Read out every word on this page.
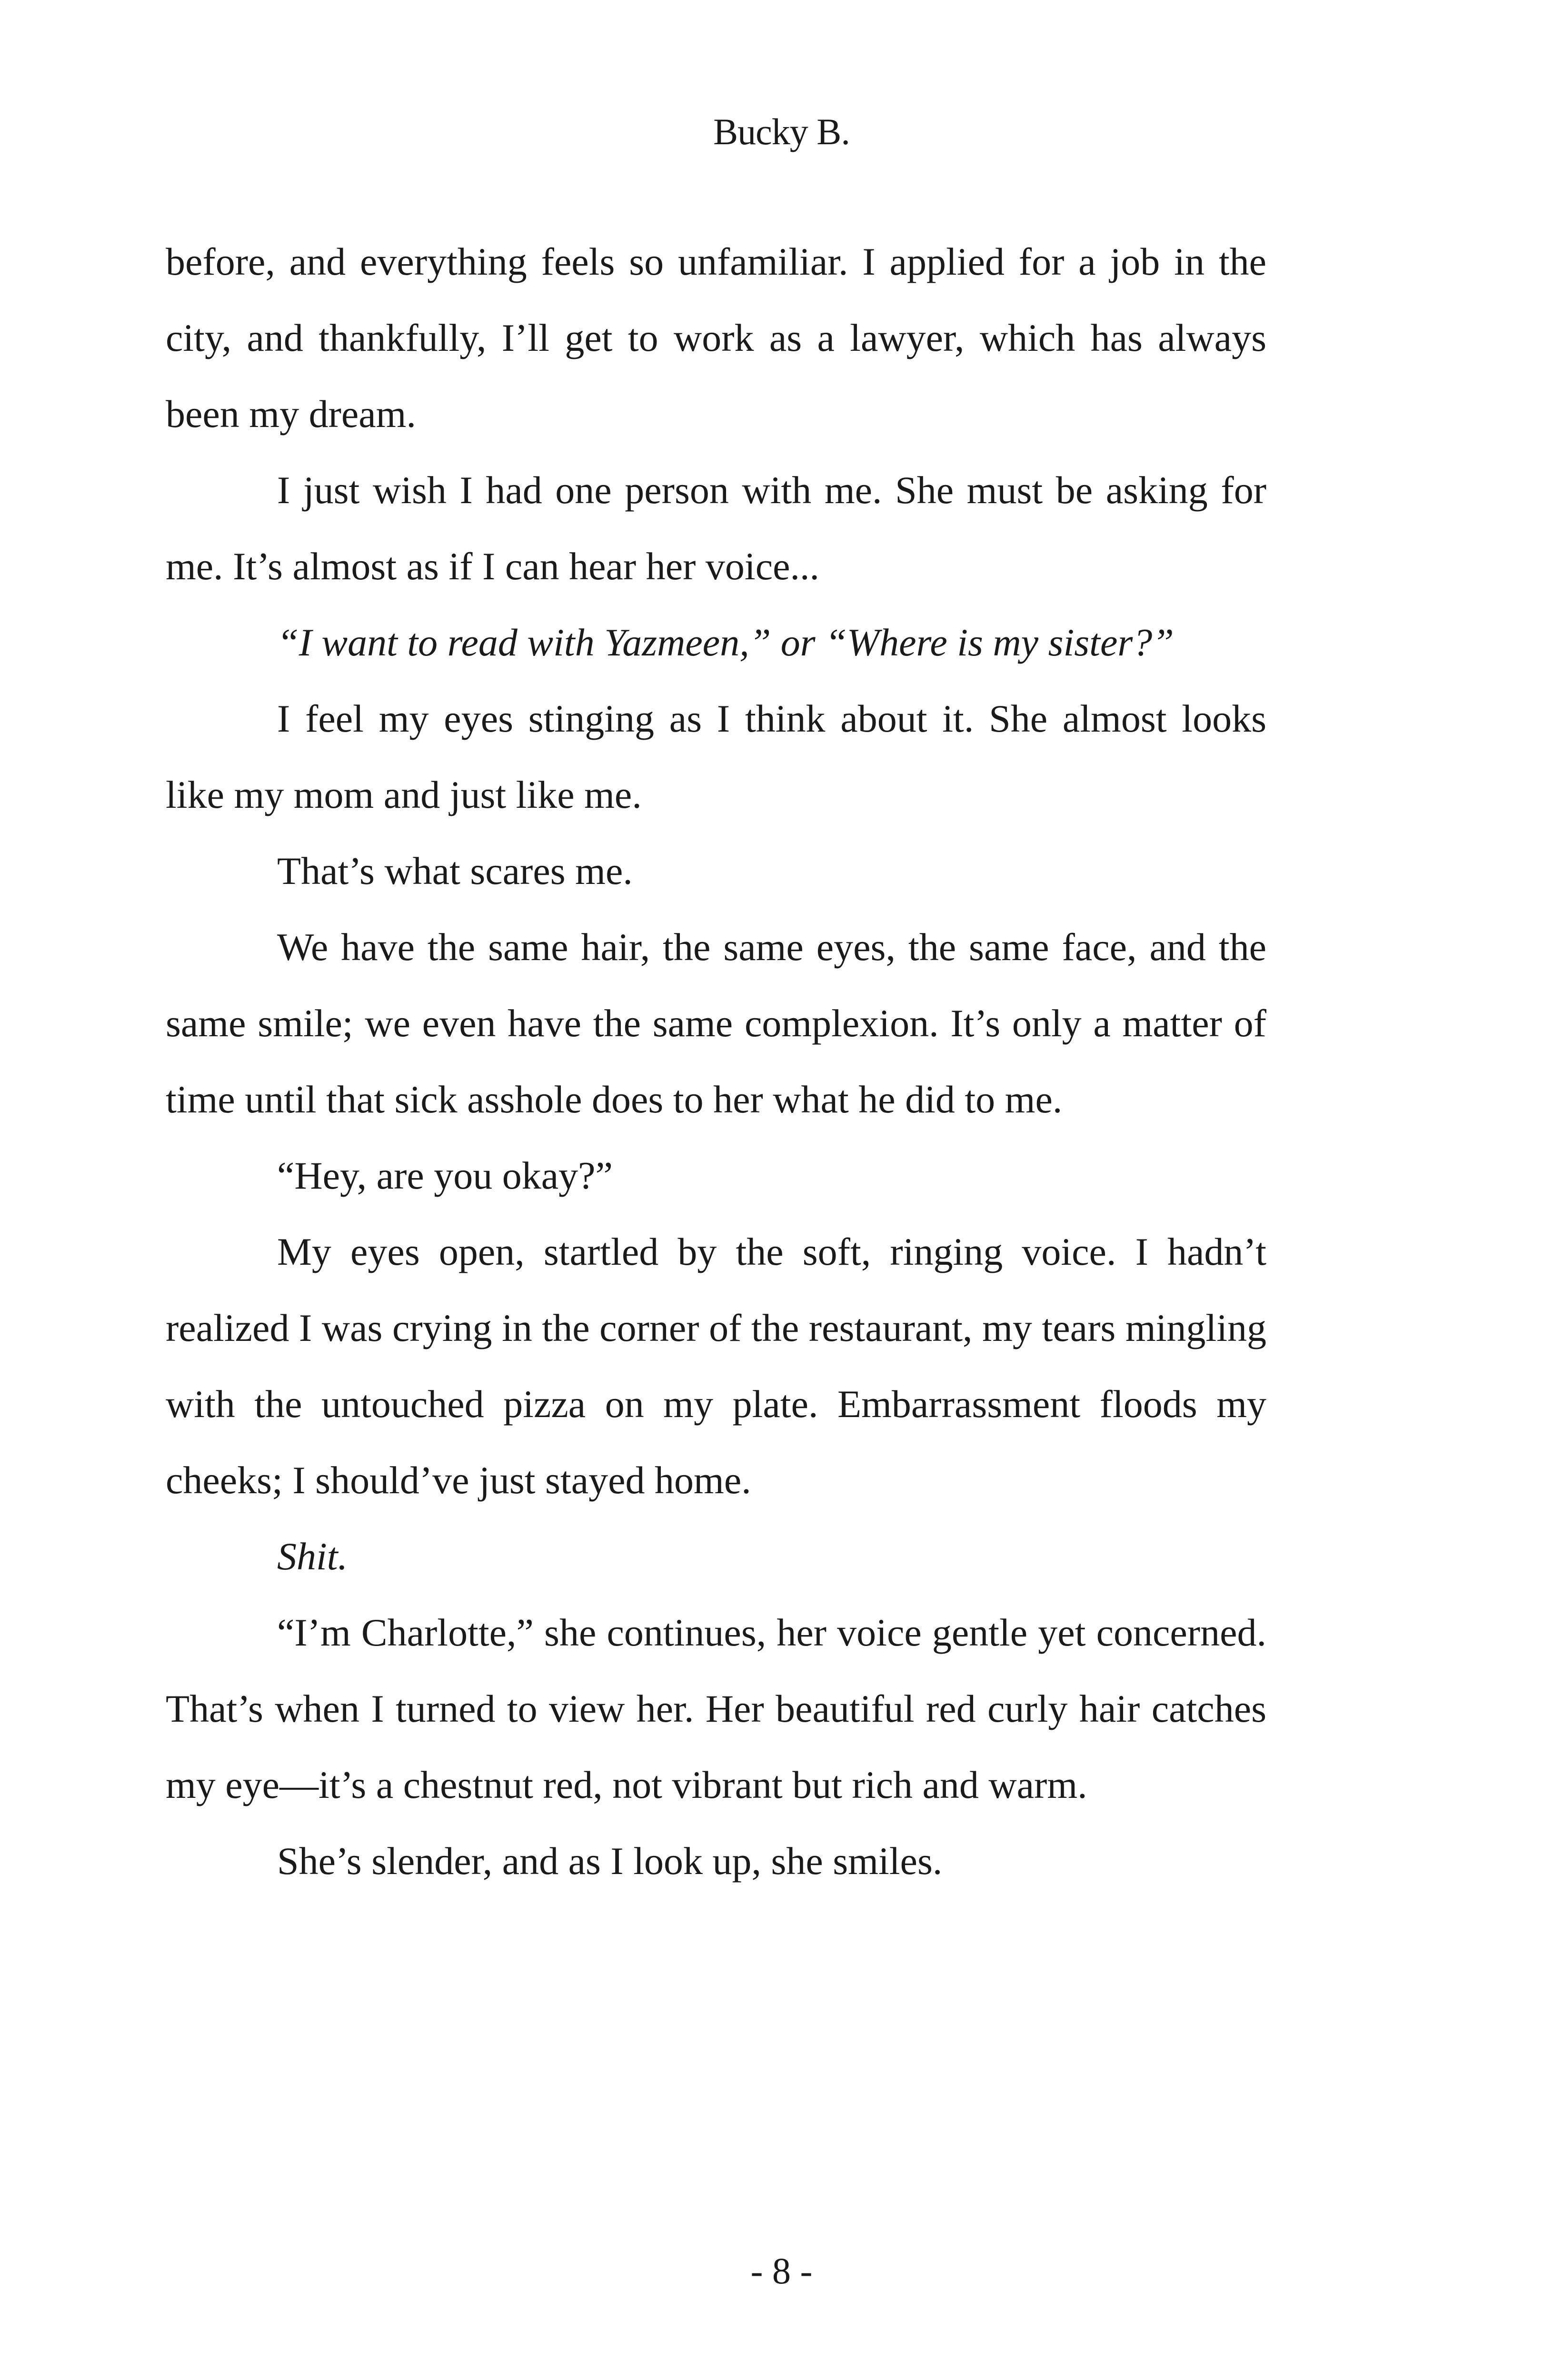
Bucky B.

before, and everything feels so unfamiliar. I applied for a job in the city, and thankfully, I’ll get to work as a lawyer, which has always been my dream.

I just wish I had one person with me. She must be asking for me. It’s almost as if I can hear her voice...

“I want to read with Yazmeen,” or “Where is my sister?”

I feel my eyes stinging as I think about it. She almost looks like my mom and just like me.

That’s what scares me.

We have the same hair, the same eyes, the same face, and the same smile; we even have the same complexion. It’s only a matter of time until that sick asshole does to her what he did to me.

“Hey, are you okay?”

My eyes open, startled by the soft, ringing voice. I hadn’t realized I was crying in the corner of the restaurant, my tears mingling with the untouched pizza on my plate. Embarrassment floods my cheeks; I should’ve just stayed home.

Shit.

“I’m Charlotte,” she continues, her voice gentle yet concerned. That’s when I turned to view her. Her beautiful red curly hair catches my eye—it’s a chestnut red, not vibrant but rich and warm.

She’s slender, and as I look up, she smiles.

- 8 -
